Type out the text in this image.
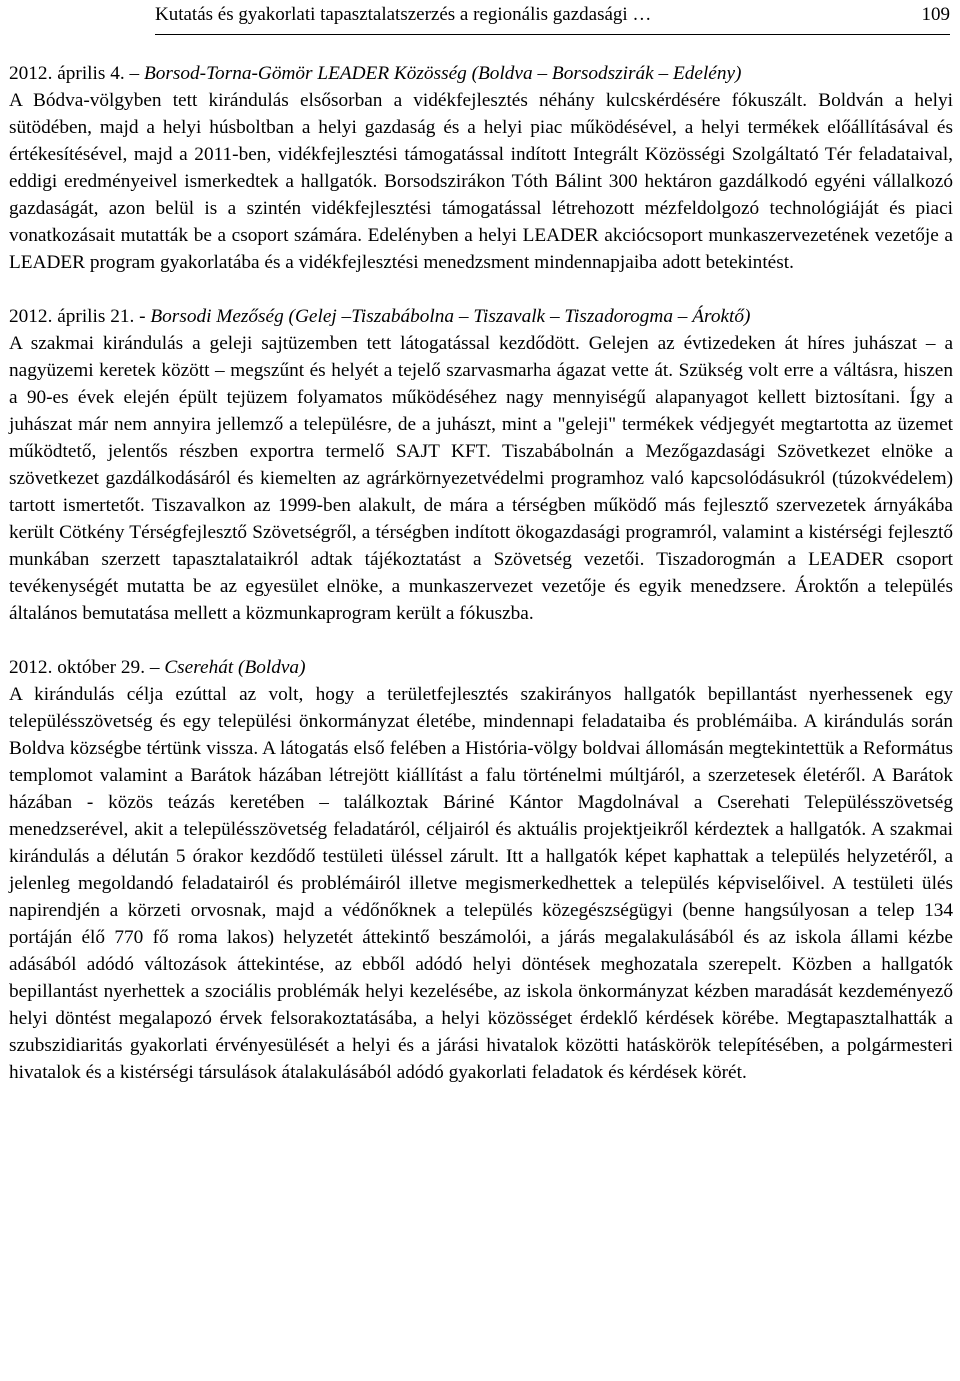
Kutatás és gyakorlati tapasztalatszerzés a regionális gazdasági …	109
2012. április 4. – Borsod-Torna-Gömör LEADER Közösség (Boldva – Borsodszirák – Edelény)

A Bódva-völgyben tett kirándulás elsősorban a vidékfejlesztés néhány kulcskérdésére fókuszált. Boldván a helyi sütödében, majd a helyi húsboltban a helyi gazdaság és a helyi piac működésével, a helyi termékek előállításával és értékesítésével, majd a 2011-ben, vidékfejlesztési támogatással indított Integrált Közösségi Szolgáltató Tér feladataival, eddigi eredményeivel ismerkedtek a hallgatók. Borsodszirákon Tóth Bálint 300 hektáron gazdálkodó egyéni vállalkozó gazdaságát, azon belül is a szintén vidékfejlesztési támogatással létrehozott mézfeldolgozó technológiáját és piaci vonatkozásait mutatták be a csoport számára. Edelényben a helyi LEADER akciócsoport munkaszervezetének vezetője a LEADER program gyakorlatába és a vidékfejlesztési menedzsment mindennapjaiba adott betekintést.

2012. április 21. - Borsodi Mezőség (Gelej –Tiszabábolna – Tiszavalk – Tiszadorogma – Ároktő)

A szakmai kirándulás a geleji sajtüzemben tett látogatással kezdődött. Gelejen az évtizedeken át híres juhászat – a nagyüzemi keretek között – megszűnt és helyét a tejelő szarvasmarha ágazat vette át. Szükség volt erre a váltásra, hiszen a 90-es évek elején épült tejüzem folyamatos működéséhez nagy mennyiségű alapanyagot kellett biztosítani. Így a juhászat már nem annyira jellemző a településre, de a juhászt, mint a "geleji" termékek védjegyét megtartotta az üzemet működtető, jelentős részben exportra termelő SAJT KFT. Tiszabábolnán a Mezőgazdasági Szövetkezet elnöke a szövetkezet gazdálkodásáról és kiemelten az agrárkörnyezetvédelmi programhoz való kapcsolódásukról (túzokvédelem) tartott ismertetőt. Tiszavalkon az 1999-ben alakult, de mára a térségben működő más fejlesztő szervezetek árnyákába került Cötkény Térségfejlesztő Szövetségről, a térségben indított ökogazdasági programról, valamint a kistérségi fejlesztő munkában szerzett tapasztalataikról adtak tájékoztatást a Szövetség vezetői. Tiszadorogmán a LEADER csoport tevékenységét mutatta be az egyesület elnöke, a munkaszervezet vezetője és egyik menedzsere. Ároktőn a település általános bemutatása mellett a közmunkaprogram került a fókuszba.

2012. október 29. – Cserehát (Boldva)

A kirándulás célja ezúttal az volt, hogy a területfejlesztés szakirányos hallgatók bepillantást nyerhessenek egy településszövetség és egy települési önkormányzat életébe, mindennapi feladataiba és problémáiba. A kirándulás során Boldva községbe tértünk vissza. A látogatás első felében a História-völgy boldvai állomásán megtekintettük a Református templomot valamint a Barátok házában létrejött kiállítást a falu történelmi múltjáról, a szerzetesek életéről. A Barátok házában - közös teázás keretében – találkoztak Báriné Kántor Magdolnával a Cserehati Településszövetség menedzserével, akit a településszövetség feladatáról, céljairól és aktuális projektjeikről kérdeztek a hallgatók. A szakmai kirándulás a délután 5 órakor kezdődő testületi üléssel zárult. Itt a hallgatók képet kaphattak a település helyzetéről, a jelenleg megoldandó feladatairól és problémáiról illetve megismerkedhettek a település képviselőivel. A testületi ülés napirendjén a körzeti orvosnak, majd a védőnőknek a település közegészségügyi (benne hangsúlyosan a telep 134 portáján élő 770 fő roma lakos) helyzetét áttekintő beszámolói, a járás megalakulásából és az iskola állami kézbe adásából adódó változások áttekintése, az ebből adódó helyi döntések meghozatala szerepelt. Közben a hallgatók bepillantást nyerhettek a szociális problémák helyi kezelésébe, az iskola önkormányzat kézben maradását kezdeményező helyi döntést megalapozó érvek felsorakoztatásába, a helyi közösséget érdeklő kérdések körébe. Megtapasztalhatták a szubszidiaritás gyakorlati érvényesülését a helyi és a járási hivatalok közötti hatáskörök telepítésében, a polgármesteri hivatalok és a kistérségi társulások átalakulásából adódó gyakorlati feladatok és kérdések körét.
